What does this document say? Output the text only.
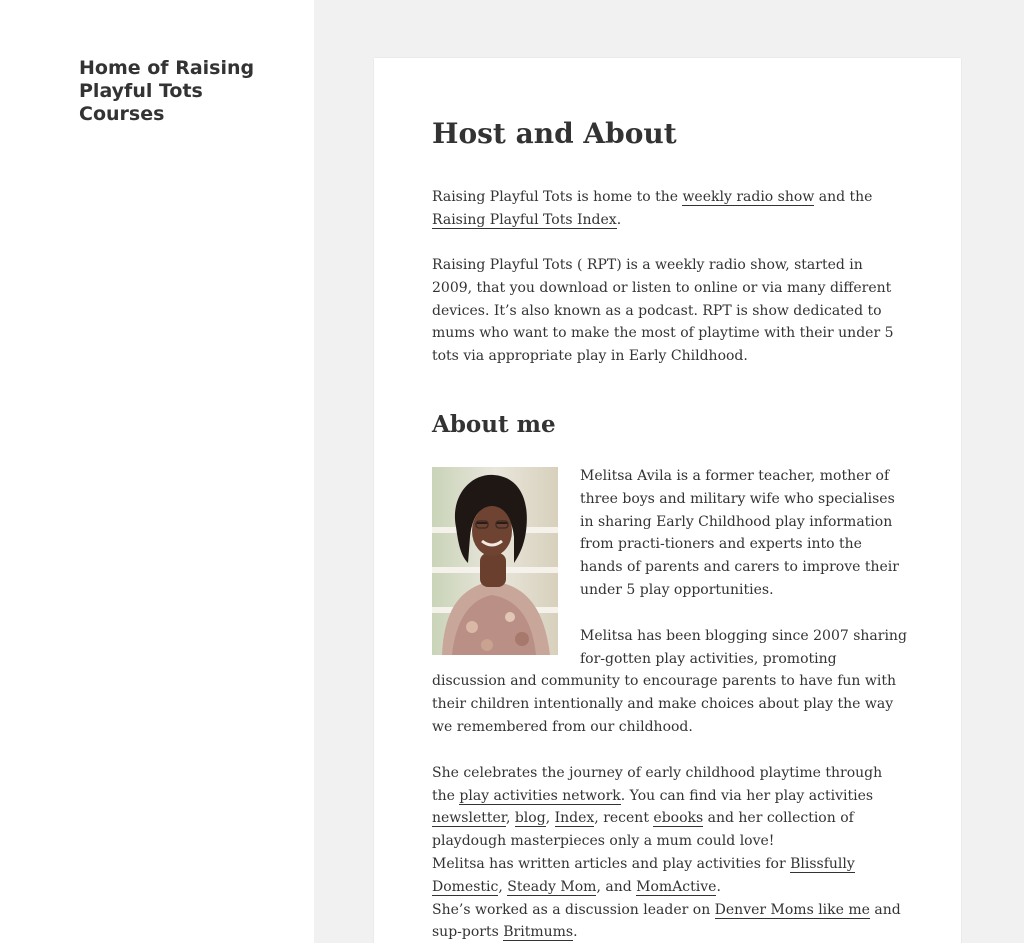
Home of Raising Playful Tots Courses
Host and About

Raising Playful Tots is home to the weekly radio show and the Raising Playful Tots Index.

Raising Playful Tots ( RPT) is a weekly radio show, started in 2009, that you download or listen to online or via many different devices. It’s also known as a podcast. RPT is show dedicated to mums who want to make the most of playtime with their under 5 tots via appropriate play in Early Childhood.

About me

Melitsa Avila is a former teacher, mother of three boys and military wife who specialises in sharing Early Childhood play information from practi-tioners and experts into the hands of parents and carers to improve their under 5 play opportunities.

Melitsa has been blogging since 2007 sharing for-gotten play activities, promoting discussion and community to encourage parents to have fun with their children intentionally and make choices about play the way we remembered from our childhood.

She celebrates the journey of early childhood playtime through the play activities network. You can find via her play activities newsletter, blog, Index, recent ebooks and her collection of playdough masterpieces only a mum could love!
Melitsa has written articles and play activities for Blissfully Domestic, Steady Mom, and MomActive.
She’s worked as a discussion leader on Denver Moms like me and sup-ports Britmums.
